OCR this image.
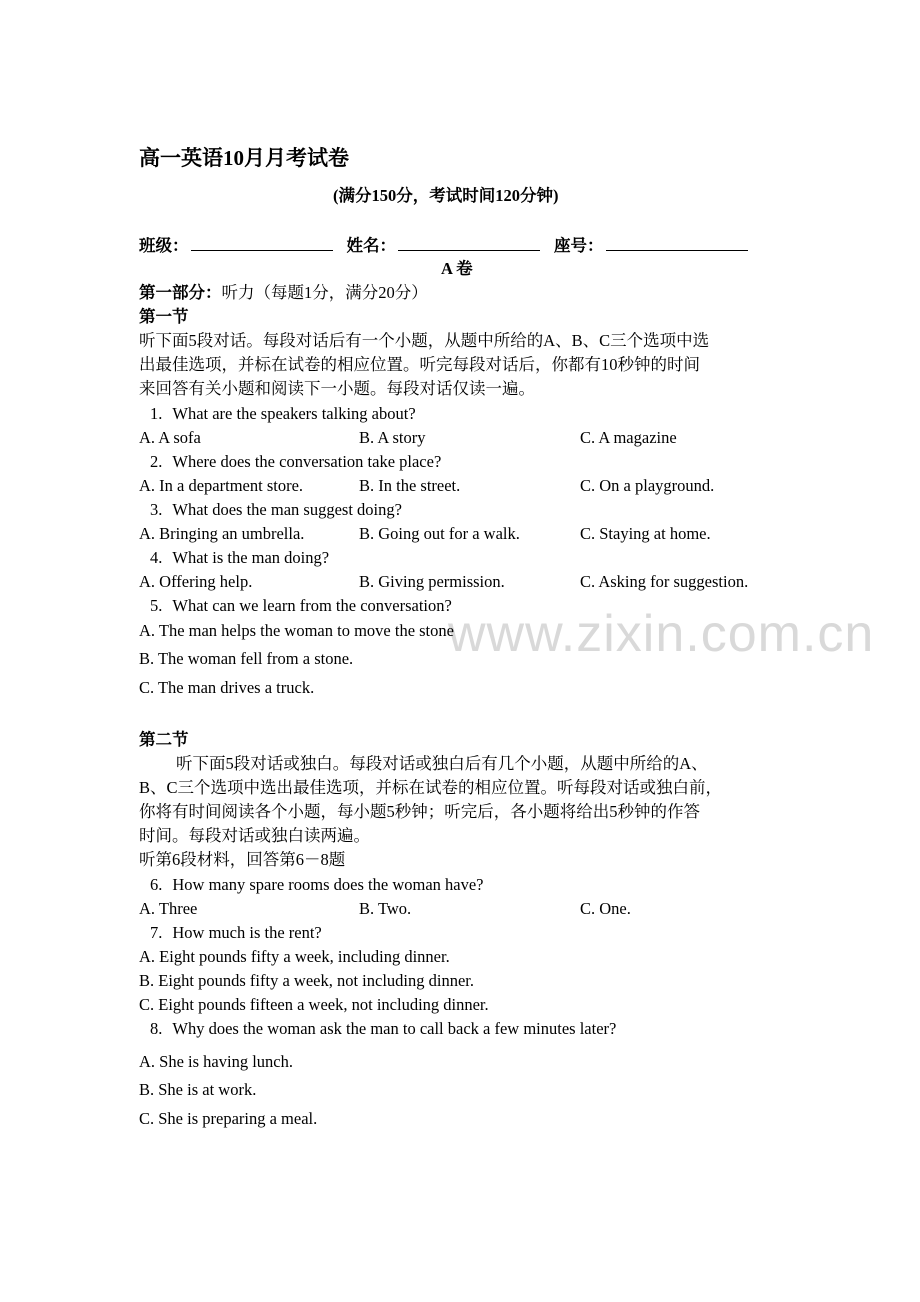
高一英语10月月考试卷
(满分150分，考试时间120分钟)
班级：	姓名：	座号：
A 卷
第一部分：听力（每题1分，满分20分）
第一节
听下面5段对话。每段对话后有一个小题，从题中所给的A、B、C三个选项中选
出最佳选项，并标在试卷的相应位置。听完每段对话后，你都有10秒钟的时间
来回答有关小题和阅读下一小题。每段对话仅读一遍。
1. What are the speakers talking about?
A. A sofa	B. A story	C. A magazine
2. Where does the conversation take place?
A. In a department store.	B. In the street.	C. On a playground.
3. What does the man suggest doing?
A. Bringing an umbrella.	B. Going out for a walk.	C. Staying at home.
4. What is the man doing?
A. Offering help.	B. Giving permission.	C. Asking for suggestion.
5. What can we learn from the conversation?
www.zixin.com.cn
A. The man helps the woman to move the stone
B. The woman fell from a stone.
C. The man drives a truck.
第二节
听下面5段对话或独白。每段对话或独白后有几个小题，从题中所给的A、
B、C三个选项中选出最佳选项，并标在试卷的相应位置。听每段对话或独白前，
你将有时间阅读各个小题，每小题5秒钟；听完后，各小题将给出5秒钟的作答
时间。每段对话或独白读两遍。
听第6段材料，回答第6－8题
6. How many spare rooms does the woman have?
A. Three	B. Two.	C. One.
7. How much is the rent?
A. Eight pounds fifty a week, including dinner.
B. Eight pounds fifty a week, not including dinner.
C. Eight pounds fifteen a week, not including dinner.
8. Why does the woman ask the man to call back a few minutes later?
A. She is having lunch.
B. She is at work.
C. She is preparing a meal.
